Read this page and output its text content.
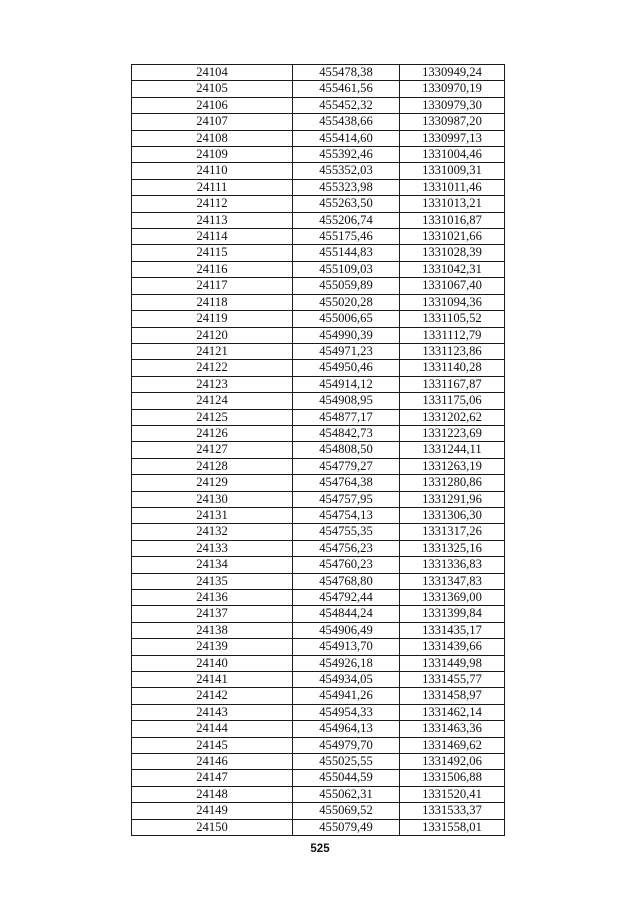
24104	455478,38	1330949,24
24105	455461,56	1330970,19
24106	455452,32	1330979,30
24107	455438,66	1330987,20
24108	455414,60	1330997,13
24109	455392,46	1331004,46
24110	455352,03	1331009,31
24111	455323,98	1331011,46
24112	455263,50	1331013,21
24113	455206,74	1331016,87
24114	455175,46	1331021,66
24115	455144,83	1331028,39
24116	455109,03	1331042,31
24117	455059,89	1331067,40
24118	455020,28	1331094,36
24119	455006,65	1331105,52
24120	454990,39	1331112,79
24121	454971,23	1331123,86
24122	454950,46	1331140,28
24123	454914,12	1331167,87
24124	454908,95	1331175,06
24125	454877,17	1331202,62
24126	454842,73	1331223,69
24127	454808,50	1331244,11
24128	454779,27	1331263,19
24129	454764,38	1331280,86
24130	454757,95	1331291,96
24131	454754,13	1331306,30
24132	454755,35	1331317,26
24133	454756,23	1331325,16
24134	454760,23	1331336,83
24135	454768,80	1331347,83
24136	454792,44	1331369,00
24137	454844,24	1331399,84
24138	454906,49	1331435,17
24139	454913,70	1331439,66
24140	454926,18	1331449,98
24141	454934,05	1331455,77
24142	454941,26	1331458,97
24143	454954,33	1331462,14
24144	454964,13	1331463,36
24145	454979,70	1331469,62
24146	455025,55	1331492,06
24147	455044,59	1331506,88
24148	455062,31	1331520,41
24149	455069,52	1331533,37
24150	455079,49	1331558,01
525
